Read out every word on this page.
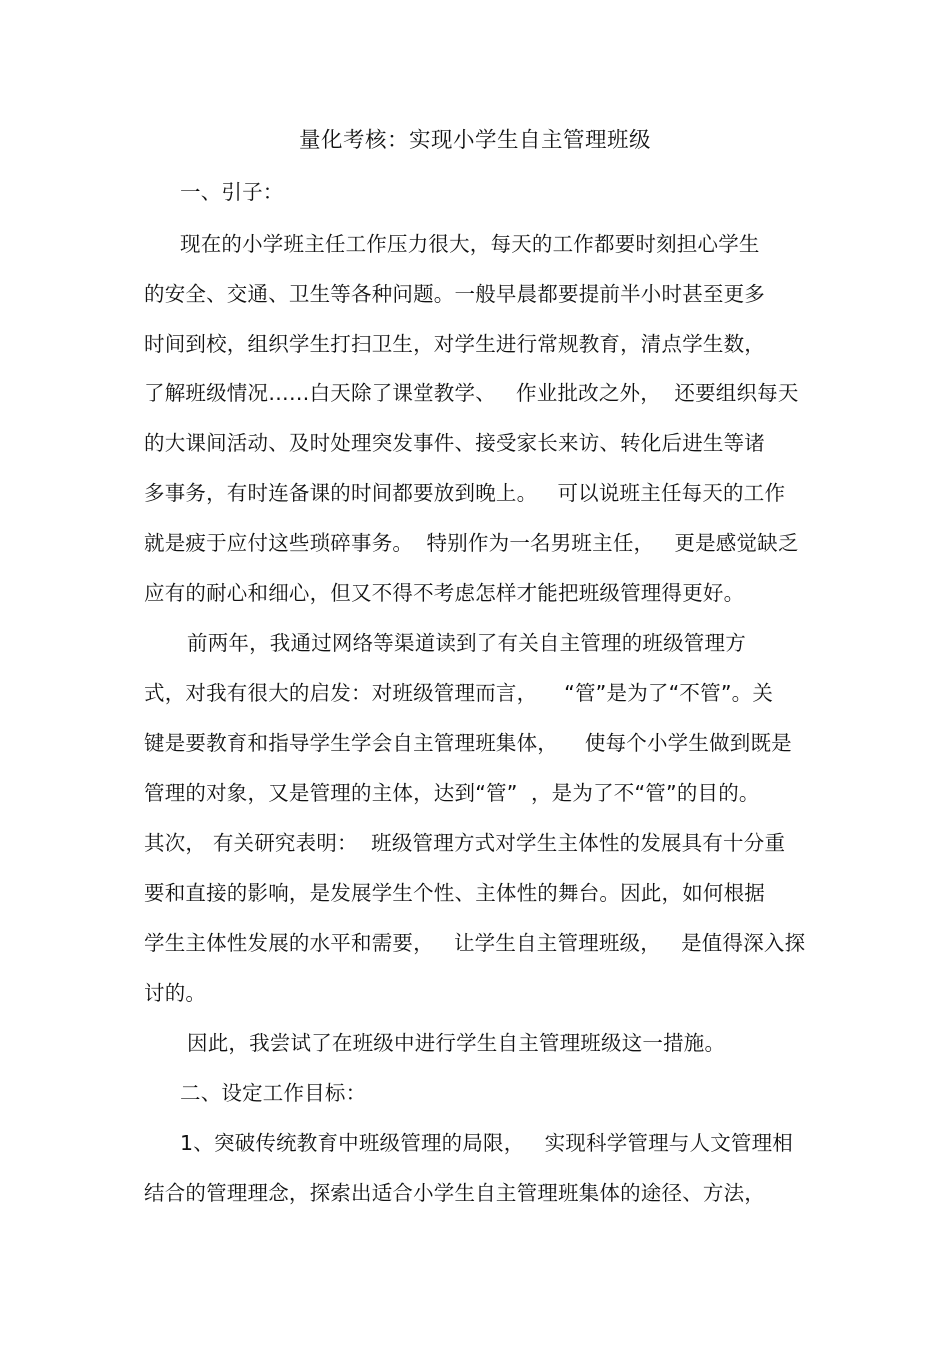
量化考核：实现小学生自主管理班级
一、引子：
现在的小学班主任工作压力很大，每天的工作都要时刻担心学生
的安全、交通、卫生等各种问题。一般早晨都要提前半小时甚至更多
时间到校，组织学生打扫卫生，对学生进行常规教育，清点学生数，
了解班级情况……白天除了课堂教学、   作业批改之外，  还要组织每天
的大课间活动、及时处理突发事件、接受家长来访、转化后进生等诸
多事务，有时连备课的时间都要放到晚上。   可以说班主任每天的工作
就是疲于应付这些琐碎事务。  特别作为一名男班主任，   更是感觉缺乏
应有的耐心和细心，但又不得不考虑怎样才能把班级管理得更好。
前两年，我通过网络等渠道读到了有关自主管理的班级管理方
式，对我有很大的启发：对班级管理而言，    “管”是为了“不管”。关
键是要教育和指导学生学会自主管理班集体，    使每个小学生做到既是
管理的对象，又是管理的主体，达到“管”  ，是为了不“管”的目的。
其次， 有关研究表明：  班级管理方式对学生主体性的发展具有十分重
要和直接的影响，是发展学生个性、主体性的舞台。因此，如何根据
学生主体性发展的水平和需要，   让学生自主管理班级，   是值得深入探
讨的。
因此，我尝试了在班级中进行学生自主管理班级这一措施。
二、设定工作目标：
1、突破传统教育中班级管理的局限，   实现科学管理与人文管理相
结合的管理理念，探索出适合小学生自主管理班集体的途径、方法，
